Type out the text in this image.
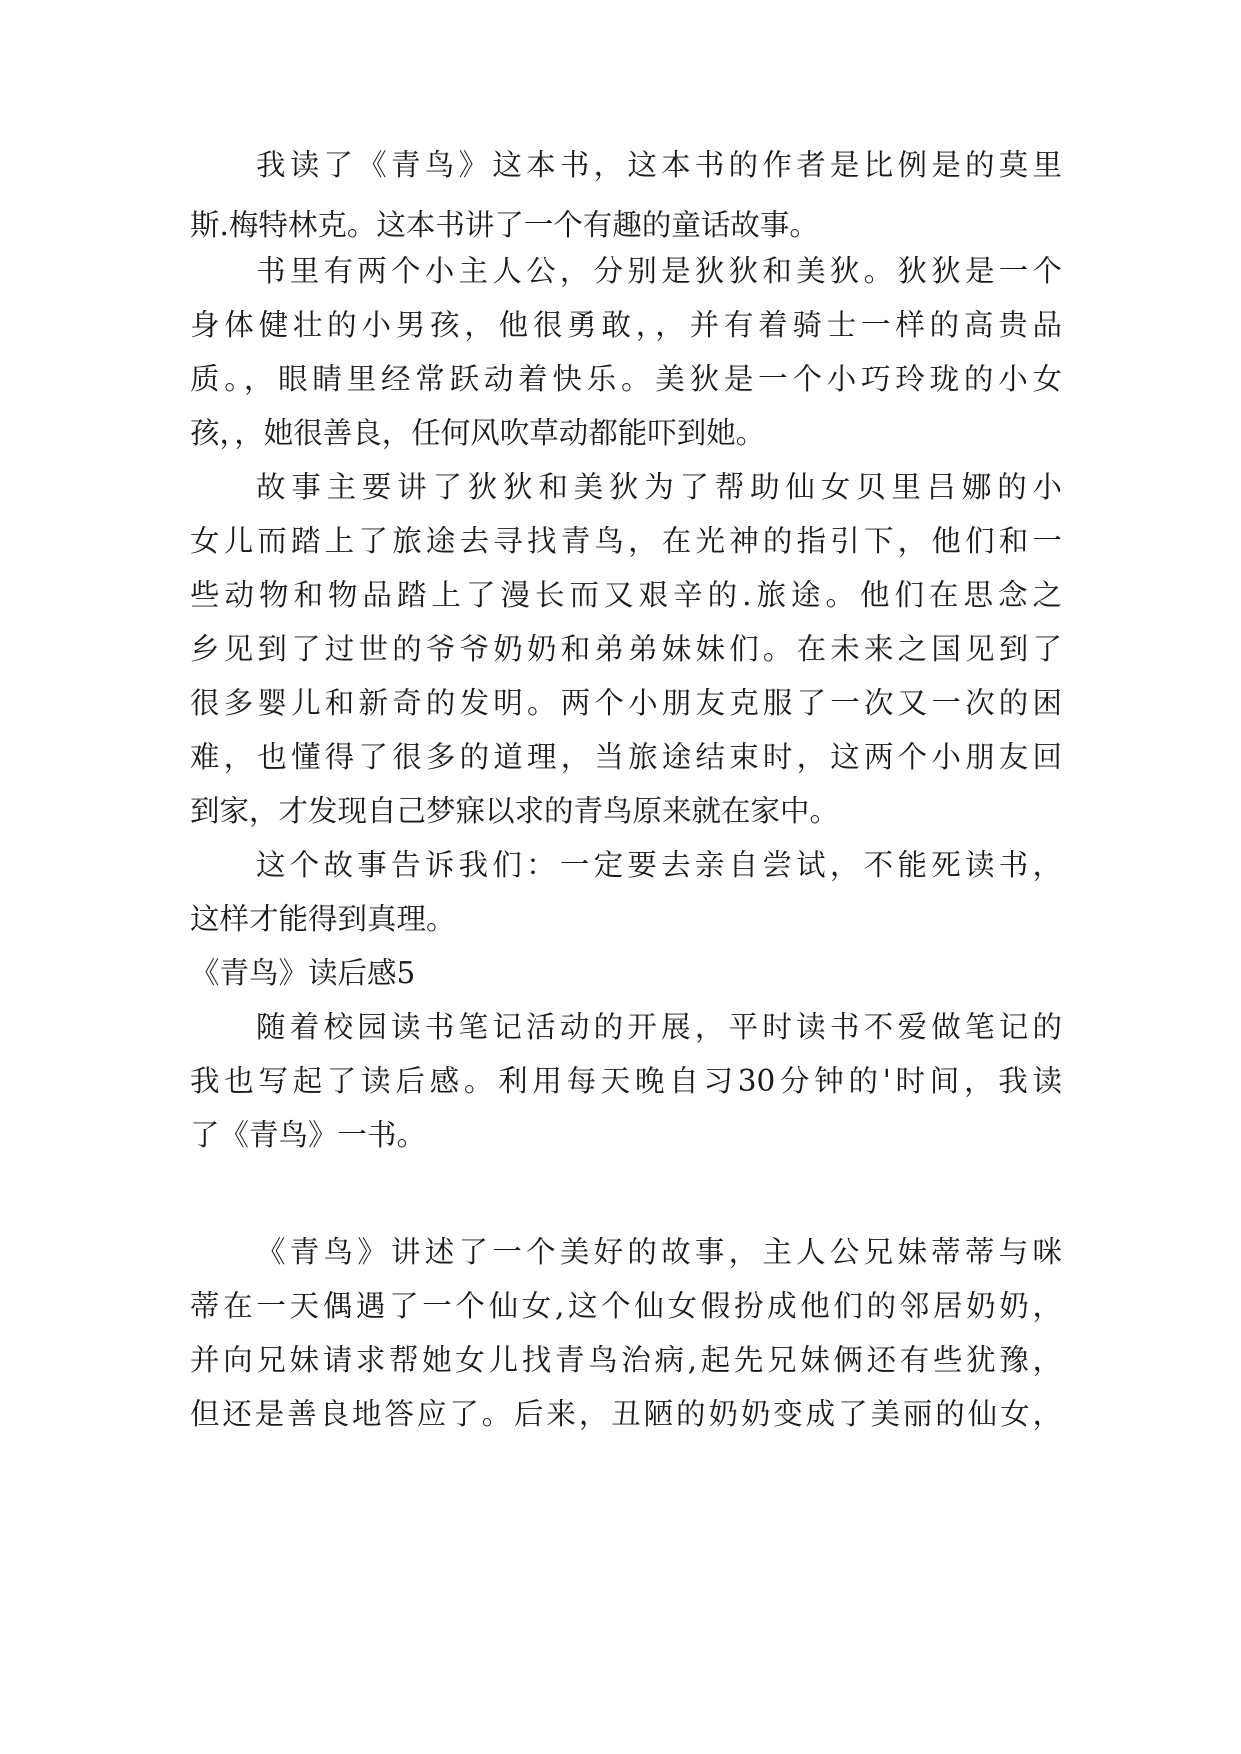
我读了《青鸟》这本书，这本书的作者是比例是的莫里
斯.梅特林克。这本书讲了一个有趣的童话故事。
书里有两个小主人公，分别是狄狄和美狄。狄狄是一个
身体健壮的小男孩，他很勇敢，，并有着骑士一样的高贵品
质。，眼睛里经常跃动着快乐。美狄是一个小巧玲珑的小女
孩，，她很善良，任何风吹草动都能吓到她。
故事主要讲了狄狄和美狄为了帮助仙女贝里吕娜的小
女儿而踏上了旅途去寻找青鸟，在光神的指引下，他们和一
些动物和物品踏上了漫长而又艰辛的.旅途。他们在思念之
乡见到了过世的爷爷奶奶和弟弟妹妹们。在未来之国见到了
很多婴儿和新奇的发明。两个小朋友克服了一次又一次的困
难，也懂得了很多的道理，当旅途结束时，这两个小朋友回
到家，才发现自己梦寐以求的青鸟原来就在家中。
这个故事告诉我们：一定要去亲自尝试，不能死读书，
这样才能得到真理。
《青鸟》读后感5
随着校园读书笔记活动的开展，平时读书不爱做笔记的
我也写起了读后感。利用每天晚自习30分钟的'时间，我读
了《青鸟》一书。
《青鸟》讲述了一个美好的故事，主人公兄妹蒂蒂与咪
蒂在一天偶遇了一个仙女,这个仙女假扮成他们的邻居奶奶，
并向兄妹请求帮她女儿找青鸟治病,起先兄妹俩还有些犹豫，
但还是善良地答应了。后来，丑陋的奶奶变成了美丽的仙女，
